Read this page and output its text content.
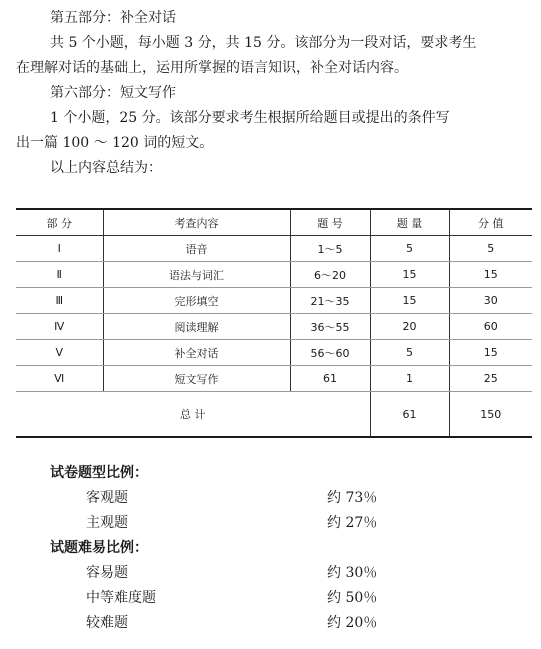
第五部分：补全对话
共 5 个小题，每小题 3 分，共 15 分。该部分为一段对话，要求考生
在理解对话的基础上，运用所掌握的语言知识，补全对话内容。
第六部分：短文写作
1 个小题，25 分。该部分要求考生根据所给题目或提出的条件写
出一篇 100 ～ 120 词的短文。
以上内容总结为：
部 分	考查内容	题 号	题 量	分 值
Ⅰ	语音	1～5	5	5
Ⅱ	语法与词汇	6～20	15	15
Ⅲ	完形填空	21～35	15	30
Ⅳ	阅读理解	36～55	20	60
Ⅴ	补全对话	56～60	5	15
Ⅵ	短文写作	61	1	25
总 计			61	150
试卷题型比例：
客观题	约 73％
主观题	约 27％
试题难易比例：
容易题	约 30％
中等难度题	约 50％
较难题	约 20％
